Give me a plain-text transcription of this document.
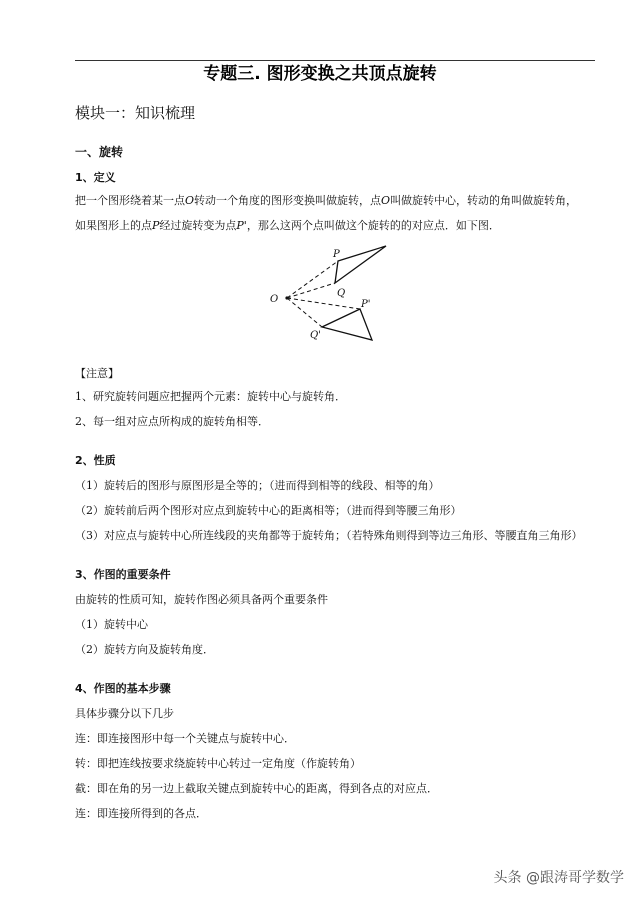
专题三. 图形变换之共顶点旋转
模块一：知识梳理
一、旋转
1、定义
把一个图形绕着某一点O转动一个角度的图形变换叫做旋转，点O叫做旋转中心，转动的角叫做旋转角，
如果图形上的点P经过旋转变为点P'，那么这两个点叫做这个旋转的的对应点．如下图．
P
Q
O	P'
Q'
【注意】
1、研究旋转问题应把握两个元素：旋转中心与旋转角．
2、每一组对应点所构成的旋转角相等．
2、性质
（1）旋转后的图形与原图形是全等的；（进而得到相等的线段、相等的角）
（2）旋转前后两个图形对应点到旋转中心的距离相等；（进而得到等腰三角形）
（3）对应点与旋转中心所连线段的夹角都等于旋转角；（若特殊角则得到等边三角形、等腰直角三角形）
3、作图的重要条件
由旋转的性质可知，旋转作图必须具备两个重要条件
（1）旋转中心
（2）旋转方向及旋转角度．
4、作图的基本步骤
具体步骤分以下几步
连：即连接图形中每一个关键点与旋转中心．
转：即把连线按要求绕旋转中心转过一定角度（作旋转角）
截：即在角的另一边上截取关键点到旋转中心的距离，得到各点的对应点．
连：即连接所得到的各点．
头条 @跟涛哥学数学
